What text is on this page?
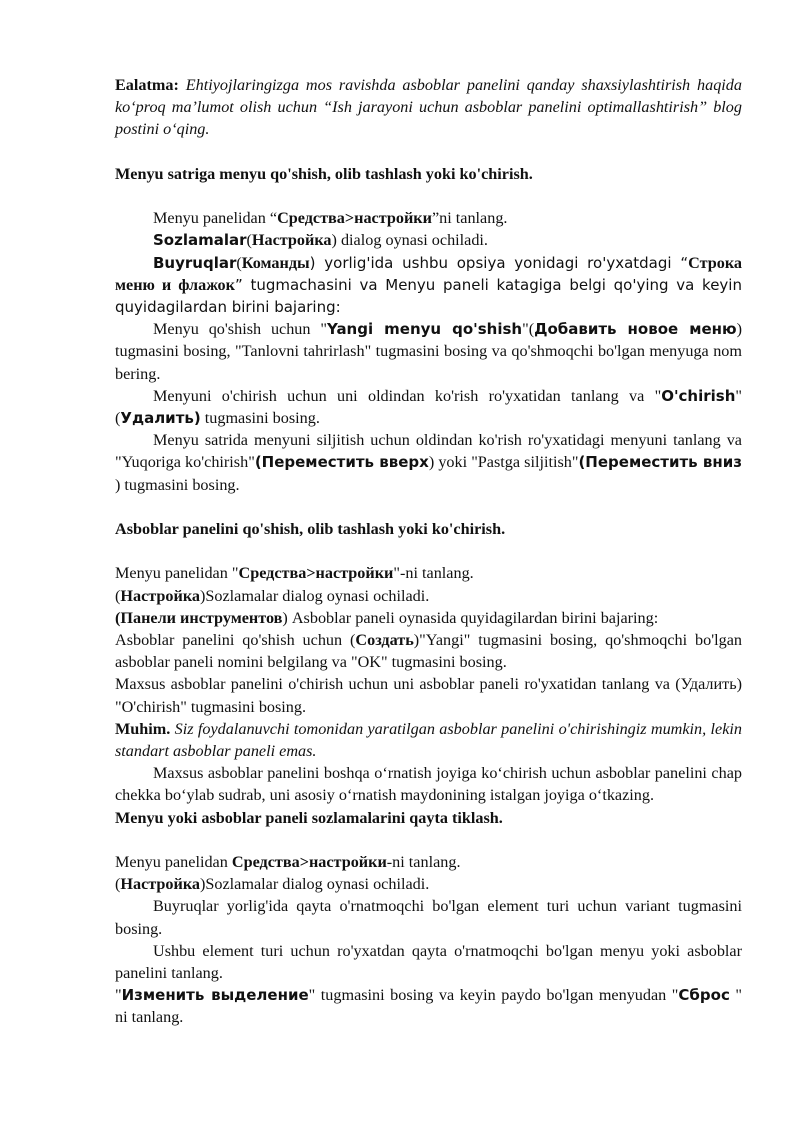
Ealatma: Ehtiyojlaringizga mos ravishda asboblar panelini qanday shaxsiylashtirish haqida ko‘proq ma’lumot olish uchun “Ish jarayoni uchun asboblar panelini optimallashtirish” blog postini o‘qing.

Menyu satriga menyu qo'shish, olib tashlash yoki ko'chirish.

Menyu panelidan “Средства>настройки”ni tanlang.

Sozlamalar(Настройка) dialog oynasi ochiladi.

Buyruqlar(Команды) yorlig'ida ushbu opsiya yonidagi ro'yxatdagi “Строка меню и флажок” tugmachasini va Menyu paneli katagiga belgi qo'ying va keyin quyidagilardan birini bajaring:

Menyu qo'shish uchun "Yangi menyu qo'shish"(Добавить новое меню) tugmasini bosing, "Tanlovni tahrirlash" tugmasini bosing va qo'shmoqchi bo'lgan menyuga nom bering.

Menyuni o'chirish uchun uni oldindan ko'rish ro'yxatidan tanlang va "O'chirish"(Удалить) tugmasini bosing.

Menyu satrida menyuni siljitish uchun oldindan ko'rish ro'yxatidagi menyuni tanlang va "Yuqoriga ko'chirish"(Переместить вверх) yoki "Pastga siljitish"(Переместить вниз ) tugmasini bosing.

Asboblar panelini qo'shish, olib tashlash yoki ko'chirish.

Menyu panelidan "Средства>настройки"-ni tanlang.

(Настройка)Sozlamalar dialog oynasi ochiladi.

(Панели инструментов) Asboblar paneli oynasida quyidagilardan birini bajaring:

Asboblar panelini qo'shish uchun (Создать)"Yangi" tugmasini bosing, qo'shmoqchi bo'lgan asboblar paneli nomini belgilang va "OK" tugmasini bosing.

Maxsus asboblar panelini o'chirish uchun uni asboblar paneli ro'yxatidan tanlang va (Удалить) "O'chirish" tugmasini bosing.

Muhim. Siz foydalanuvchi tomonidan yaratilgan asboblar panelini o'chirishingiz mumkin, lekin standart asboblar paneli emas.

Maxsus asboblar panelini boshqa o‘rnatish joyiga ko‘chirish uchun asboblar panelini chap chekka bo‘ylab sudrab, uni asosiy o‘rnatish maydonining istalgan joyiga o‘tkazing.

Menyu yoki asboblar paneli sozlamalarini qayta tiklash.

Menyu panelidan Средства>настройки-ni tanlang.

(Настройка)Sozlamalar dialog oynasi ochiladi.

Buyruqlar yorlig'ida qayta o'rnatmoqchi bo'lgan element turi uchun variant tugmasini bosing.

Ushbu element turi uchun ro'yxatdan qayta o'rnatmoqchi bo'lgan menyu yoki asboblar panelini tanlang.

"Изменить выделение" tugmasini bosing va keyin paydo bo'lgan menyudan "Сброс " ni tanlang.
